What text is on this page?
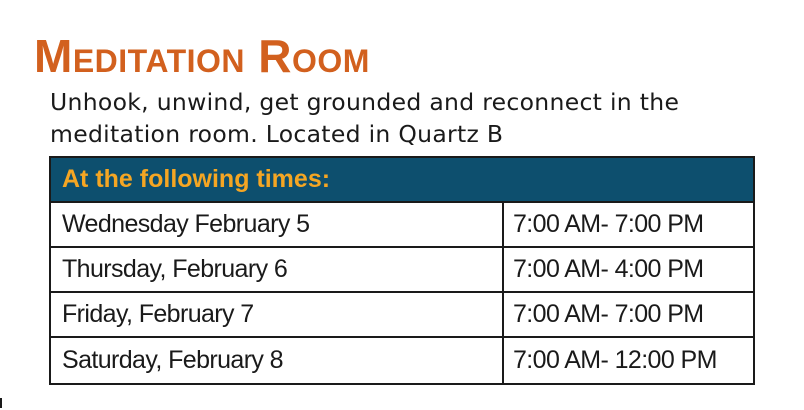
Meditation Room

Unhook, unwind, get grounded and reconnect in the meditation room. Located in Quartz B

At the following times:
Wednesday February 5	7:00 AM- 7:00 PM
Thursday, February 6	7:00 AM- 4:00 PM
Friday, February 7	7:00 AM- 7:00 PM
Saturday, February 8	7:00 AM- 12:00 PM
